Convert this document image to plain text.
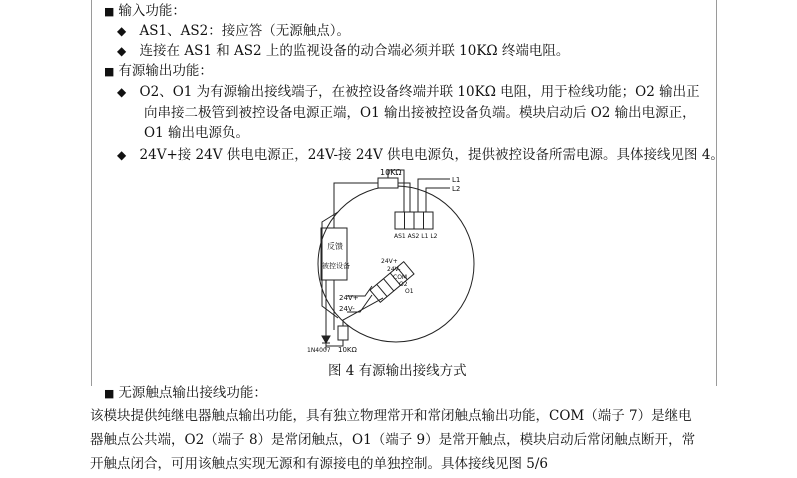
■ 输入功能：
◆ AS1、AS2：接应答（无源触点）。
◆ 连接在 AS1 和 AS2 上的监视设备的动合端必须并联 10KΩ 终端电阻。
■ 有源输出功能：
◆ O2、O1 为有源输出接线端子，在被控设备终端并联 10KΩ 电阻，用于检线功能；O2 输出正
向串接二极管到被控设备电源正端，O1 输出接被控设备负端。模块启动后 O2 输出电源正，
O1 输出电源负。
◆ 24V+接 24V 供电电源正，24V-接 24V 供电电源负，提供被控设备所需电源。具体接线见图 4。
10KΩ
L1
L2
AS1 AS2 L1 L2
反馈
被控设备
24V+
24V-
COM
O2
O1
24V+
24V-
1N4007 10KΩ
图 4 有源输出接线方式
■ 无源触点输出接线功能：
该模块提供纯继电器触点输出功能，具有独立物理常开和常闭触点输出功能，COM（端子 7）是继电
器触点公共端，O2（端子 8）是常闭触点，O1（端子 9）是常开触点，模块启动后常闭触点断开，常
开触点闭合，可用该触点实现无源和有源接电的单独控制。具体接线见图 5/6
